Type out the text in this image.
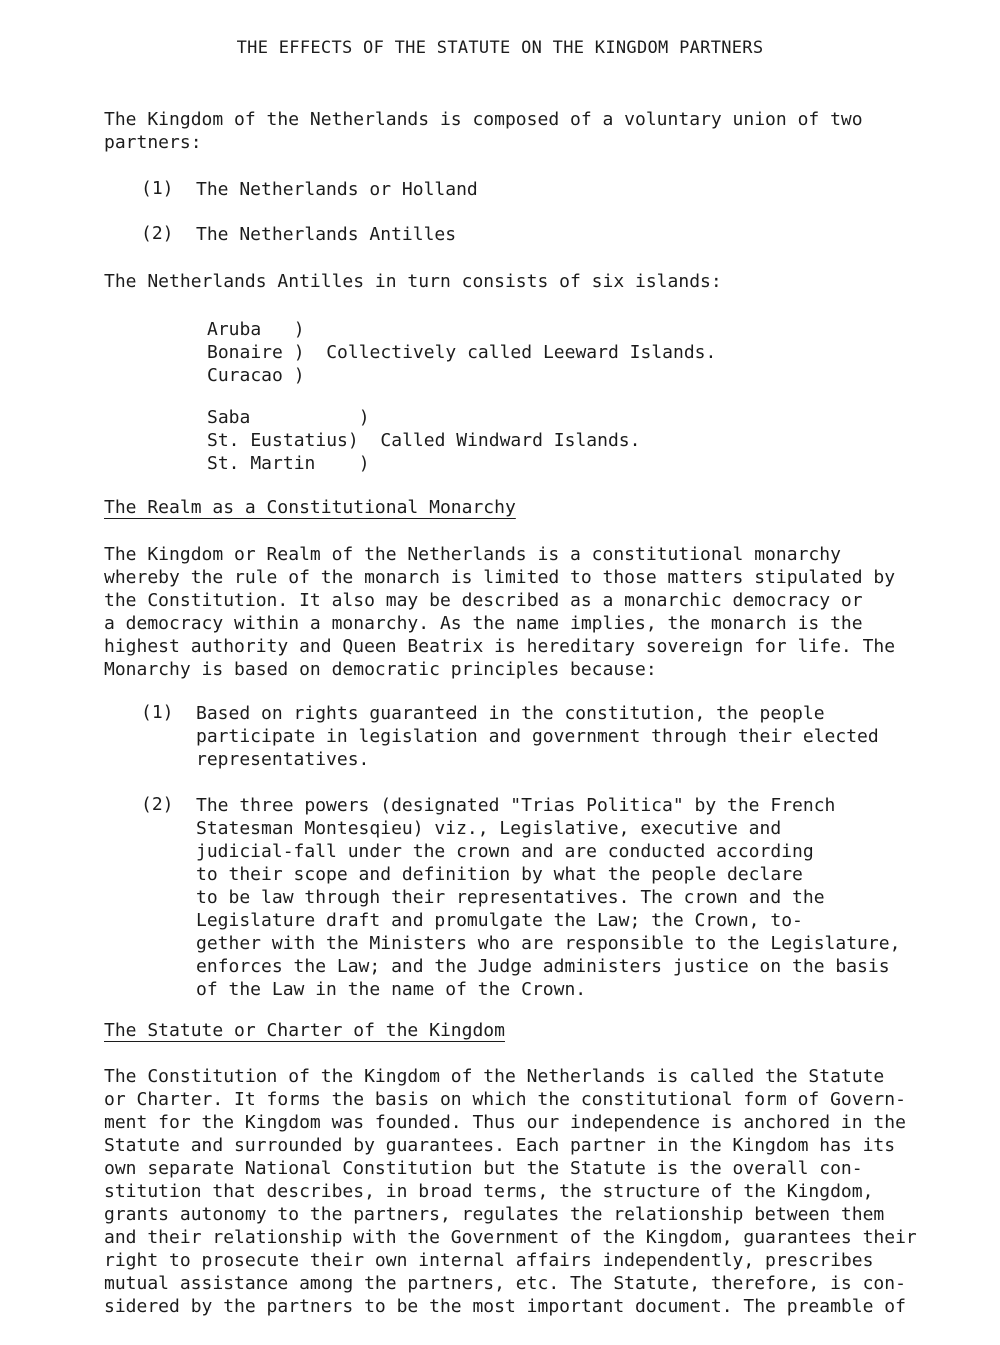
THE EFFECTS OF THE STATUTE ON THE KINGDOM PARTNERS
The Kingdom of the Netherlands is composed of a voluntary union of two
partners:
(1) The Netherlands or Holland
(2) The Netherlands Antilles
The Netherlands Antilles in turn consists of six islands:
Aruba   )
Bonaire )  Collectively called Leeward Islands.
Curacao )
Saba          )
St. Eustatius)  Called Windward Islands.
St. Martin    )
The Realm as a Constitutional Monarchy
The Kingdom or Realm of the Netherlands is a constitutional monarchy
whereby the rule of the monarch is limited to those matters stipulated by
the Constitution. It also may be described as a monarchic democracy or
a democracy within a monarchy. As the name implies, the monarch is the
highest authority and Queen Beatrix is hereditary sovereign for life. The
Monarchy is based on democratic principles because:
(1) Based on rights guaranteed in the constitution, the people
participate in legislation and government through their elected
representatives.
(2) The three powers (designated "Trias Politica" by the French
Statesman Montesqieu) viz., Legislative, executive and
judicial-fall under the crown and are conducted according
to their scope and definition by what the people declare
to be law through their representatives. The crown and the
Legislature draft and promulgate the Law; the Crown, to-
gether with the Ministers who are responsible to the Legislature,
enforces the Law; and the Judge administers justice on the basis
of the Law in the name of the Crown.
The Statute or Charter of the Kingdom
The Constitution of the Kingdom of the Netherlands is called the Statute
or Charter. It forms the basis on which the constitutional form of Govern-
ment for the Kingdom was founded. Thus our independence is anchored in the
Statute and surrounded by guarantees. Each partner in the Kingdom has its
own separate National Constitution but the Statute is the overall con-
stitution that describes, in broad terms, the structure of the Kingdom,
grants autonomy to the partners, regulates the relationship between them
and their relationship with the Government of the Kingdom, guarantees their
right to prosecute their own internal affairs independently, prescribes
mutual assistance among the partners, etc. The Statute, therefore, is con-
sidered by the partners to be the most important document. The preamble of
